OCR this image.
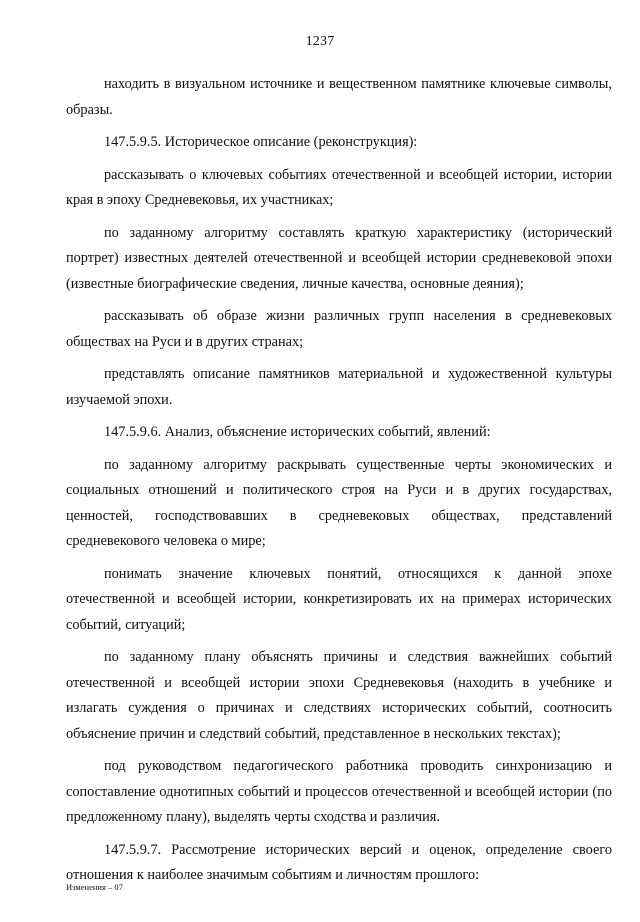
1237

находить в визуальном источнике и вещественном памятнике ключевые символы, образы.

147.5.9.5. Историческое описание (реконструкция):

рассказывать о ключевых событиях отечественной и всеобщей истории, истории края в эпоху Средневековья, их участниках;

по заданному алгоритму составлять краткую характеристику (исторический портрет) известных деятелей отечественной и всеобщей истории средневековой эпохи (известные биографические сведения, личные качества, основные деяния);

рассказывать об образе жизни различных групп населения в средневековых обществах на Руси и в других странах;

представлять описание памятников материальной и художественной культуры изучаемой эпохи.

147.5.9.6. Анализ, объяснение исторических событий, явлений:

по заданному алгоритму раскрывать существенные черты экономических и социальных отношений и политического строя на Руси и в других государствах, ценностей, господствовавших в средневековых обществах, представлений средневекового человека о мире;

понимать значение ключевых понятий, относящихся к данной эпохе отечественной и всеобщей истории, конкретизировать их на примерах исторических событий, ситуаций;

по заданному плану объяснять причины и следствия важнейших событий отечественной и всеобщей истории эпохи Средневековья (находить в учебнике и излагать суждения о причинах и следствиях исторических событий, соотносить объяснение причин и следствий событий, представленное в нескольких текстах);

под руководством педагогического работника проводить синхронизацию и сопоставление однотипных событий и процессов отечественной и всеобщей истории (по предложенному плану), выделять черты сходства и различия.

147.5.9.7. Рассмотрение исторических версий и оценок, определение своего отношения к наиболее значимым событиям и личностям прошлого:

Изменения – 07
